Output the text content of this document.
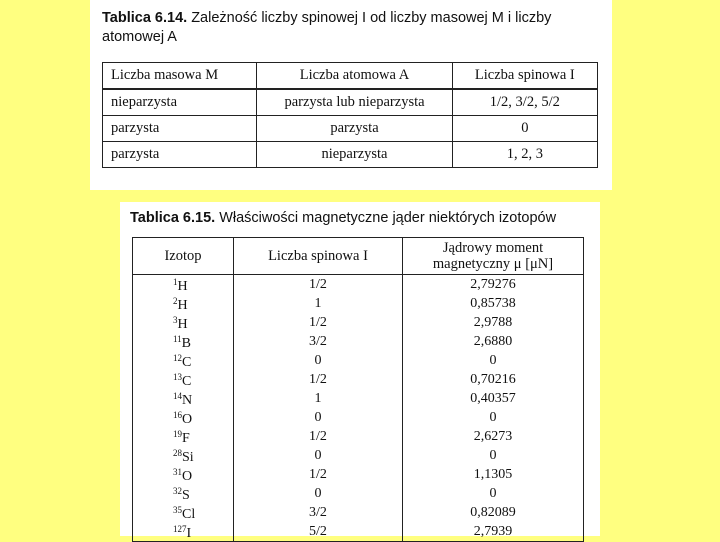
Tablica 6.14. Zależność liczby spinowej I od liczby masowej M i liczby atomowej A
Liczba masowa M	Liczba atomowa A	Liczba spinowa I
nieparzysta	parzysta lub nieparzysta	1/2, 3/2, 5/2
parzysta	parzysta	0
parzysta	nieparzysta	1, 2, 3
Tablica 6.15. Właściwości magnetyczne jąder niektórych izotopów
Izotop	Liczba spinowa I	Jądrowy moment
magnetyczny μ [μN]

$^1$H	1/2	2,79276
$^2$H	1	0,85738
$^3$H	1/2	2,9788
$^{11}$B	3/2	2,6880
$^{12}$C	0	0
$^{13}$C	1/2	0,70216
$^{14}$N	1	0,40357
$^{16}$O	0	0
$^{19}$F	1/2	2,6273
$^{28}$Si	0	0
$^{31}$O	1/2	1,1305
$^{32}$S	0	0
$^{35}$Cl	3/2	0,82089
$^{127}$I	5/2	2,7939
